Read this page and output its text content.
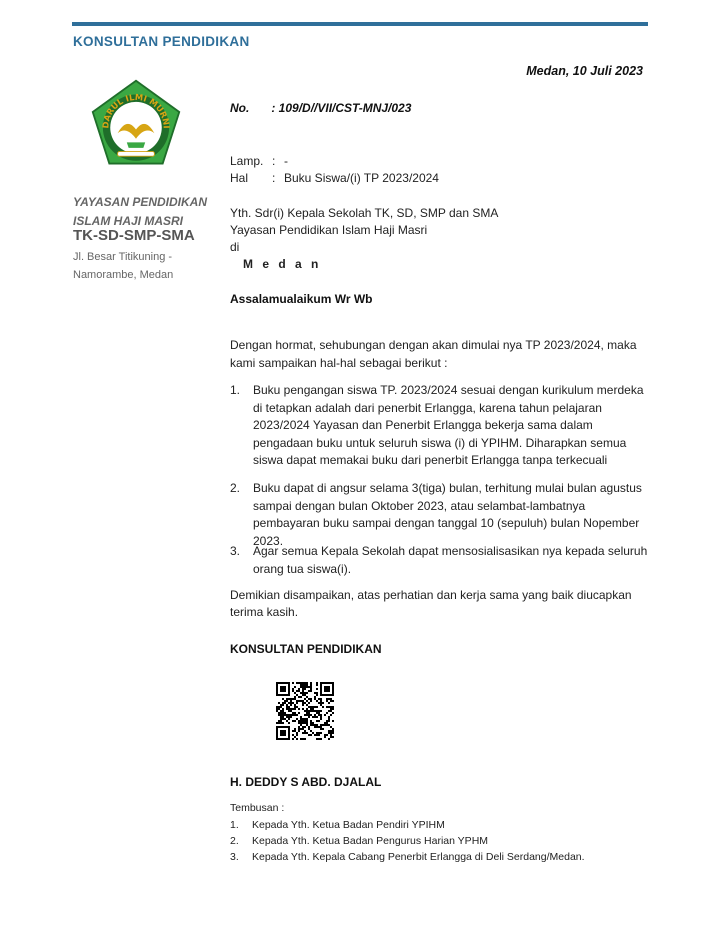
KONSULTAN PENDIDIKAN
Medan, 10 Juli 2023
DARUL ILMI MURNI
YAYASAN PENDIDIKAN
ISLAM HAJI MASRI
TK-SD-SMP-SMA
Jl. Besar Titikuning -
Namorambe, Medan
No. : 109/D//VII/CST-MNJ/023
Lamp. : -
Hal	: Buku Siswa/(i) TP 2023/2024
Yth. Sdr(i) Kepala Sekolah TK, SD, SMP dan SMA
Yayasan Pendidikan Islam Haji Masri
di
M e d a n
Assalamualaikum Wr Wb
Dengan hormat, sehubungan dengan akan dimulai nya TP 2023/2024, maka kami sampaikan hal-hal sebagai berikut :
1.	Buku pengangan siswa TP. 2023/2024 sesuai dengan kurikulum merdeka di tetapkan adalah dari penerbit Erlangga, karena tahun pelajaran 2023/2024 Yayasan dan Penerbit Erlangga bekerja sama dalam pengadaan buku untuk seluruh siswa (i) di YPIHM. Diharapkan semua siswa dapat memakai buku dari penerbit Erlangga tanpa terkecuali
2.	Buku dapat di angsur selama 3(tiga) bulan, terhitung mulai bulan agustus sampai dengan bulan Oktober 2023, atau selambat-lambatnya pembayaran buku sampai dengan tanggal 10 (sepuluh) bulan Nopember 2023.
3.	Agar semua Kepala Sekolah dapat mensosialisasikan nya kepada seluruh orang tua siswa(i).
Demikian disampaikan, atas perhatian dan kerja sama yang baik diucapkan terima kasih.
KONSULTAN PENDIDIKAN
H. DEDDY S ABD. DJALAL
Tembusan :
1.	Kepada Yth. Ketua Badan Pendiri YPIHM
2.	Kepada Yth. Ketua Badan Pengurus Harian YPHM
3.	Kepada Yth. Kepala Cabang Penerbit Erlangga di Deli Serdang/Medan.
